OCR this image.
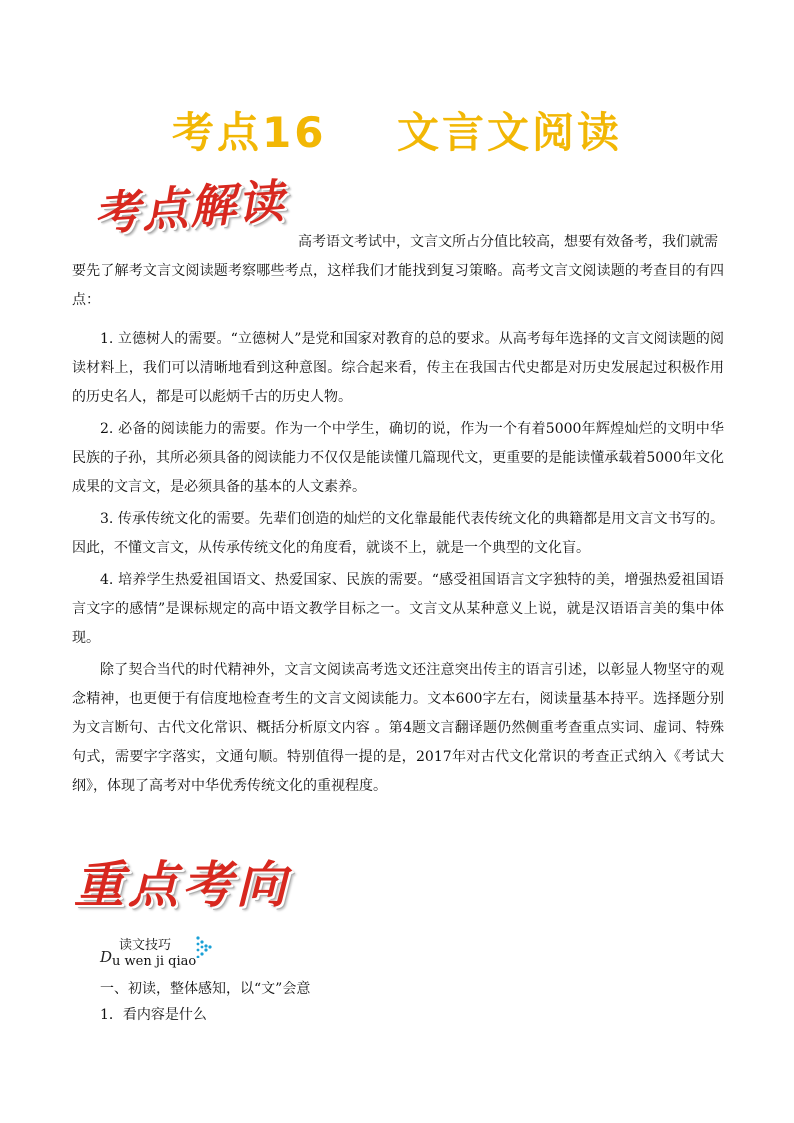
考点16    文言文阅读
考点解读
高考语文考试中，文言文所占分值比较高，想要有效备考，我们就需
要先了解考文言文阅读题考察哪些考点，这样我们才能找到复习策略。高考文言文阅读题的考查目的有四点：

1. 立德树人的需要。“立德树人”是党和国家对教育的总的要求。从高考每年选择的文言文阅读题的阅读材料上，我们可以清晰地看到这种意图。综合起来看，传主在我国古代史都是对历史发展起过积极作用的历史名人，都是可以彪炳千古的历史人物。

2. 必备的阅读能力的需要。作为一个中学生，确切的说，作为一个有着5000年辉煌灿烂的文明中华民族的子孙，其所必须具备的阅读能力不仅仅是能读懂几篇现代文，更重要的是能读懂承载着5000年文化成果的文言文，是必须具备的基本的人文素养。

3. 传承传统文化的需要。先辈们创造的灿烂的文化靠最能代表传统文化的典籍都是用文言文书写的。因此，不懂文言文，从传承传统文化的角度看，就谈不上，就是一个典型的文化盲。

4. 培养学生热爱祖国语文、热爱国家、民族的需要。“感受祖国语言文字独特的美，增强热爱祖国语言文字的感情”是课标规定的高中语文教学目标之一。文言文从某种意义上说，就是汉语语言美的集中体现。

除了契合当代的时代精神外，文言文阅读高考选文还注意突出传主的语言引述，以彰显人物坚守的观念精神，也更便于有信度地检查考生的文言文阅读能力。文本600字左右，阅读量基本持平。选择题分别为文言断句、古代文化常识、概括分析原文内容 。第4题文言翻译题仍然侧重考查重点实词、虚词、特殊句式，需要字字落实，文通句顺。特别值得一提的是，2017年对古代文化常识的考查正式纳入《考试大纲》，体现了高考对中华优秀传统文化的重视程度。

重点考向
D
读文技巧
u wen ji qiao
一、初读，整体感知，以“文”会意
1．看内容是什么
